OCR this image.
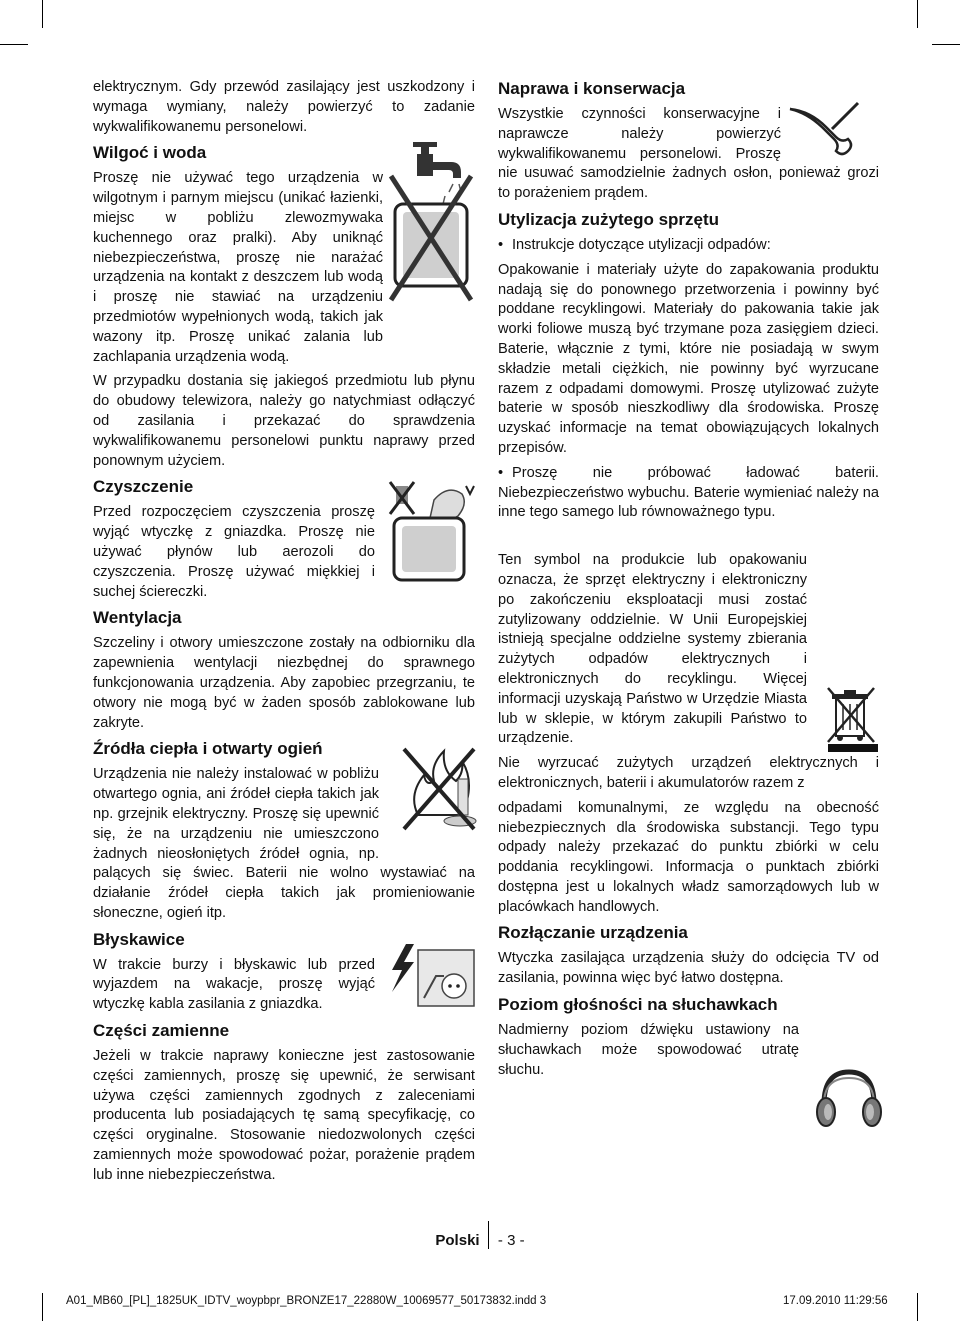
elektrycznym. Gdy przewód zasilający jest uszkodzony i wymaga wymiany, należy powierzyć to zadanie wykwalifikowanemu personelowi.

Wilgoć i woda

Proszę nie używać tego urządzenia w wilgotnym i parnym miejscu (unikać łazienki, miejsc w pobliżu zlewozmywaka kuchennego oraz pralki). Aby uniknąć niebezpieczeństwa, proszę nie narażać urządzenia na kontakt z deszczem lub wodą i proszę nie stawiać na urządzeniu przedmiotów wypełnionych wodą, takich jak wazony itp. Proszę unikać zalania lub zachlapania urządzenia wodą.

W przypadku dostania się jakiegoś przedmiotu lub płynu do obudowy telewizora, należy go natychmiast odłączyć od zasilania i przekazać do sprawdzenia wykwalifikowanemu personelowi punktu naprawy przed ponownym użyciem.

Czyszczenie

Przed rozpoczęciem czyszczenia proszę wyjąć wtyczkę z gniazdka. Proszę nie używać płynów lub aerozoli do czyszczenia. Proszę używać miękkiej i suchej ściereczki.

Wentylacja

Szczeliny i otwory umieszczone zostały na odbiorniku dla zapewnienia wentylacji niezbędnej do sprawnego funkcjonowania urządzenia. Aby zapobiec przegrzaniu, te otwory nie mogą być w żaden sposób zablokowane lub zakryte.

Źródła ciepła i otwarty ogień

Urządzenia nie należy instalować w pobliżu otwartego ognia, ani źródeł ciepła takich jak np. grzejnik elektryczny. Proszę się upewnić się, że na urządzeniu nie umieszczono żadnych nieosłoniętych źródeł ognia, np. palących się świec. Baterii nie wolno wystawiać na działanie źródeł ciepła takich jak promieniowanie słoneczne, ogień itp.

Błyskawice

W trakcie burzy i błyskawic lub przed wyjazdem na wakacje, proszę wyjąć wtyczkę kabla zasilania z gniazdka.

Części zamienne

Jeżeli w trakcie naprawy konieczne jest zastosowanie części zamiennych, proszę się upewnić, że serwisant używa części zamiennych zgodnych z zaleceniami producenta lub posiadających tę samą specyfikację, co części oryginalne. Stosowanie niedozwolonych części zamiennych może spowodować pożar, porażenie prądem lub inne niebezpieczeństwa.

Naprawa i konserwacja

Wszystkie czynności konserwacyjne i naprawcze należy powierzyć wykwalifikowanemu personelowi. Proszę nie usuwać samodzielnie żadnych osłon, ponieważ grozi to porażeniem prądem.

Utylizacja zużytego sprzętu

• Instrukcje dotyczące utylizacji odpadów:

Opakowanie i materiały użyte do zapakowania produktu nadają się do ponownego przetworzenia i powinny być poddane recyklingowi. Materiały do pakowania takie jak worki foliowe muszą być trzymane poza zasięgiem dzieci. Baterie, włącznie z tymi, które nie posiadają w swym składzie metali ciężkich, nie powinny być wyrzucane razem z odpadami domowymi. Proszę utylizować zużyte baterie w sposób nieszkodliwy dla środowiska. Proszę uzyskać informacje na temat obowiązujących lokalnych przepisów.

• Proszę nie próbować ładować baterii. Niebezpieczeństwo wybuchu. Baterie wymieniać należy na inne tego samego lub równoważnego typu.

Ten symbol na produkcie lub opakowaniu oznacza, że sprzęt elektryczny i elektroniczny po zakończeniu eksploatacji musi zostać zutylizowany oddzielnie. W Unii Europejskiej istnieją specjalne oddzielne systemy zbierania zużytych odpadów elektrycznych i elektronicznych do recyklingu. Więcej informacji uzyskają Państwo w Urzędzie Miasta lub w sklepie, w którym zakupili Państwo to urządzenie.

Nie wyrzucać zużytych urządzeń elektrycznych i elektronicznych, baterii i akumulatorów razem z

odpadami komunalnymi, ze względu na obecność niebezpiecznych dla środowiska substancji. Tego typu odpady należy przekazać do punktu zbiórki w celu poddania recyklingowi. Informacja o punktach zbiórki dostępna jest u lokalnych władz samorządowych lub w placówkach handlowych.

Rozłączanie urządzenia

Wtyczka zasilająca urządzenia służy do odcięcia TV od zasilania, powinna więc być łatwo dostępna.

Poziom głośności na słuchawkach

Nadmierny poziom dźwięku ustawiony na słuchawkach może spowodować utratę słuchu.

Polski - 3 -
A01_MB60_[PL]_1825UK_IDTV_woypbpr_BRONZE17_22880W_10069577_50173832.indd 3	17.09.2010 11:29:56
